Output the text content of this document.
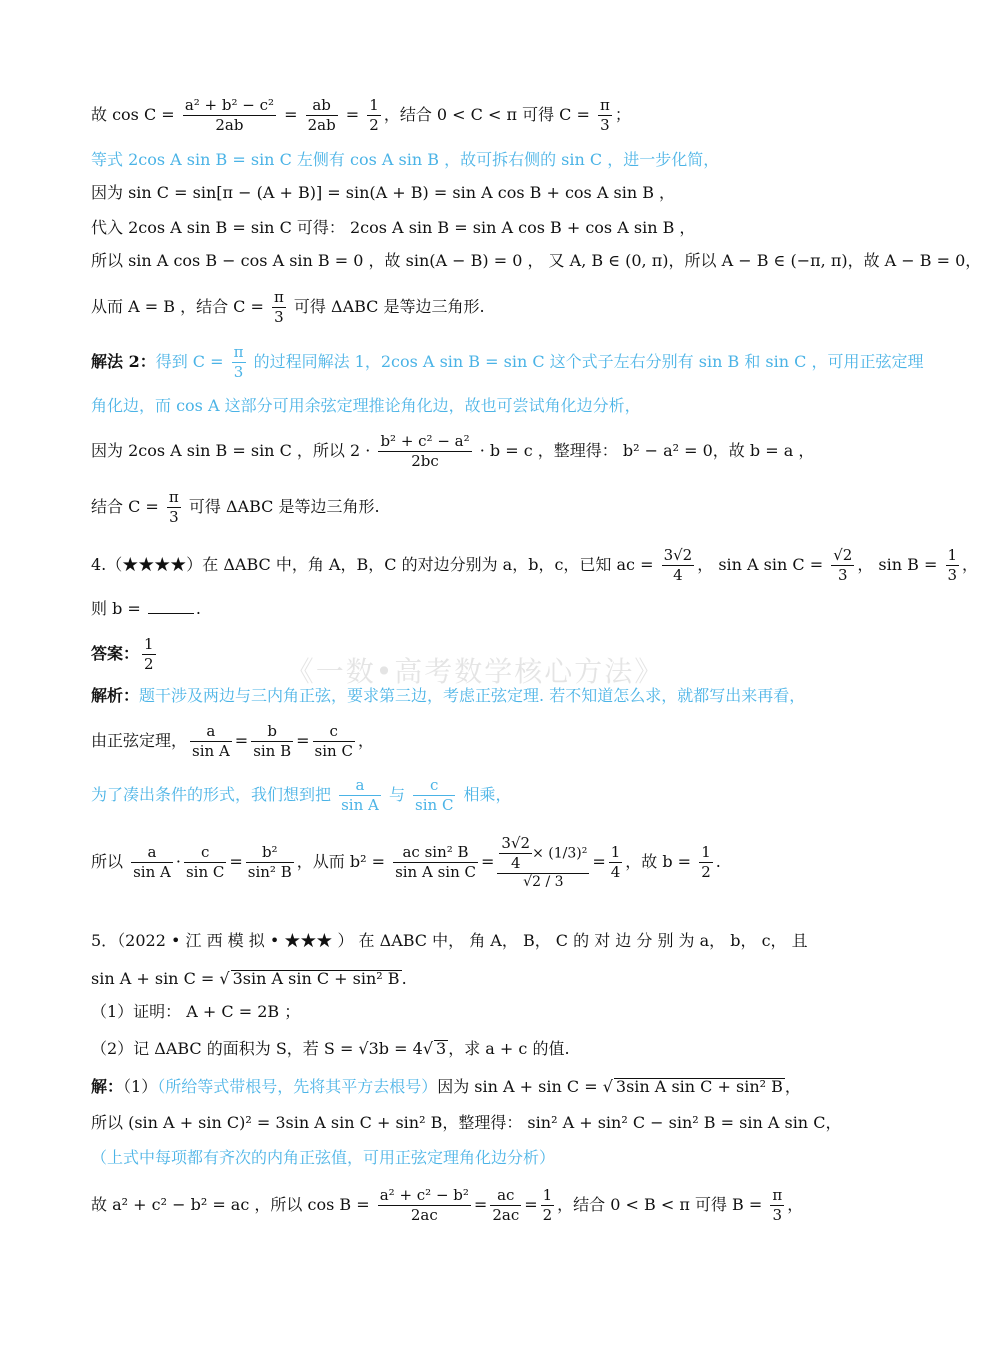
《一数•高考数学核心方法》
故 $\cos C = \frac{\text{a² + b² − c²}}{2ab} = \frac{ab}{2ab} = \frac{1}{2}$ ，结合 0 < C < π 可得 $C = \frac{\pi}{3}$ ；
等式 2cos A sin B = sin C 左侧有 cos A sin B ，故可拆右侧的 sin C ，进一步化简，
因为 sin C = sin[π − (A + B)] = sin(A + B) = sin A cos B + cos A sin B ，
代入 2cos A sin B = sin C 可得： 2cos A sin B = sin A cos B + cos A sin B ，
所以 sin A cos B − cos A sin B = 0 ，故 sin(A − B) = 0 ， 又 A, B ∈ (0, π)，所以 A − B ∈ (−π, π)，故 A − B = 0，
从而 A = B ，结合 $C = \frac{\pi}{3}$ 可得 ΔABC 是等边三角形.
解法 2：得到 $C = \frac{\pi}{3}$ 的过程同解法 1，2cos A sin B = sin C 这个式子左右分别有 sin B 和 sin C ，可用正弦定理
角化边，而 cos A 这部分可用余弦定理推论角化边，故也可尝试角化边分析，
因为 2cos A sin B = sin C ，所以 $2 \cdot \frac{\text{b² + c² − a²}}{2bc} \cdot b = c$ ，整理得： b² − a² = 0，故 b = a ，
结合 $C = \frac{\pi}{3}$ 可得 ΔABC 是等边三角形.
4.（★★★★）在 ΔABC 中，角 A，B，C 的对边分别为 a，b，c，已知 ac = $\frac{3√2}{4}$ ， sin A $\sin C = \frac{√2}{3}$ ， $\sin B = \frac{1}{3}$ ，
则 b =	.
答案： $\frac{1}{2}$
解析：题干涉及两边与三内角正弦，要求第三边，考虑正弦定理. 若不知道怎么求，就都写出来再看，
由正弦定理， $\frac{a}{\text{sin A}} = \frac{b}{\text{sin B}} = \frac{c}{\text{sin C}}$ ，
为了凑出条件的形式，我们想到把 $\frac{a}{\text{sin A}}$ 与 $\frac{c}{\text{sin C}}$ 相乘，
所以 $\frac{a}{\text{sin A}} \cdot \frac{c}{\text{sin C}} = \frac{\text{b²}}{\text{sin² B}}$ ，从而 $b^2 = \frac{\text{ac sin² B}}{\text{sin A sin C}} = \frac{\frac{3√2}{4} \times (1/3)^2}{√2 / 3} = \frac{1}{4}$ ，故 $b = \frac{1}{2}$ .
5．（2022 • 江 西 模 拟 • ★★★ ） 在 ΔABC 中， 角 A， B， C 的 对 边 分 别 为 a， b， c， 且
sin A + sin C = √ 3sin A sin C + sin² B .
（1）证明： A + C = 2B ；
（2）记 ΔABC 的面积为 S，若 S = √3b = 4√ 3 ，求 a + c 的值.
解：（1）（所给等式带根号，先将其平方去根号）因为 sin A + sin C = √ 3sin A sin C + sin² B ，
所以 (sin A + sin C)² = 3sin A sin C + sin² B，整理得： sin² A + sin² C − sin² B = sin A sin C，
（上式中每项都有齐次的内角正弦值，可用正弦定理角化边分析）
故 a² + c² − b² = ac ，所以 $\cos B = \frac{\text{a² + c² − b²}}{2ac} = \frac{ac}{2ac} = \frac{1}{2}$ ，结合 0 < B < π 可得 $B = \frac{\pi}{3}$ ，
